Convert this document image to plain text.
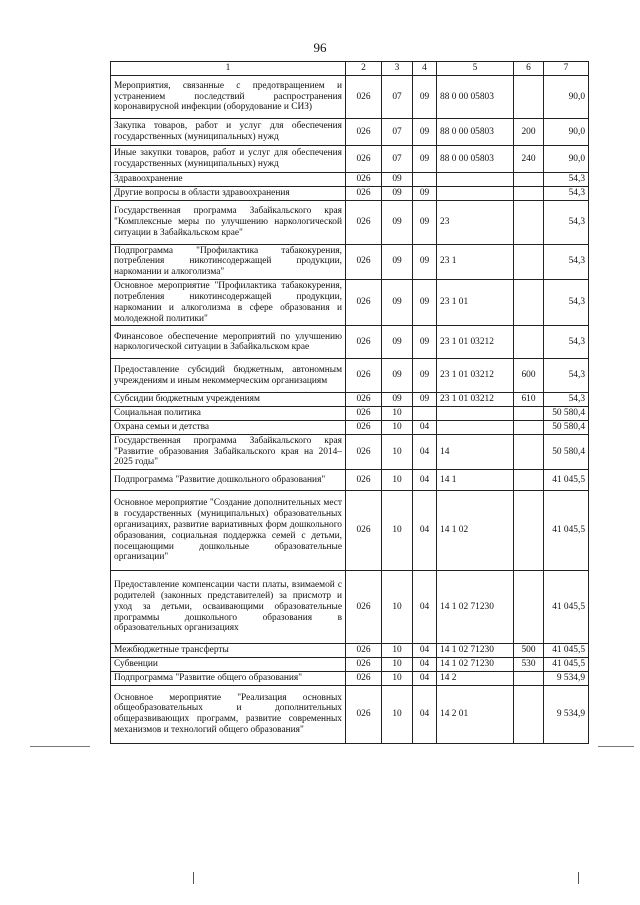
96
1	2	3	4	5	6	7
Мероприятия, связанные с предотвращением и устранением последствий распространения коронавирусной инфекции (оборудование и СИЗ)	026	07	09	88 0 00 05803		90,0
Закупка товаров, работ и услуг для обеспечения государственных (муниципальных) нужд	026	07	09	88 0 00 05803	200	90,0
Иные закупки товаров, работ и услуг для обеспечения государственных (муниципальных) нужд	026	07	09	88 0 00 05803	240	90,0
Здравоохранение	026	09				54,3
Другие вопросы в области здравоохранения	026	09	09			54,3
Государственная программа Забайкальского края "Комплексные меры по улучшению наркологической ситуации в Забайкальском крае"	026	09	09	23		54,3
Подпрограмма "Профилактика табакокурения, потребления никотинсодержащей продукции, наркомании и алкоголизма"	026	09	09	23 1		54,3
Основное мероприятие "Профилактика табакокурения, потребления никотинсодержащей продукции, наркомании и алкоголизма в сфере образования и молодежной политики"	026	09	09	23 1 01		54,3
Финансовое обеспечение мероприятий по улучшению наркологической ситуации в Забайкальском крае	026	09	09	23 1 01 03212		54,3
Предоставление субсидий бюджетным, автономным учреждениям и иным некоммерческим организациям	026	09	09	23 1 01 03212	600	54,3
Субсидии бюджетным учреждениям	026	09	09	23 1 01 03212	610	54,3
Социальная политика	026	10				50 580,4
Охрана семьи и детства	026	10	04			50 580,4
Государственная программа Забайкальского края "Развитие образования Забайкальского края на 2014–2025 годы"	026	10	04	14		50 580,4
Подпрограмма "Развитие дошкольного образования"	026	10	04	14 1		41 045,5
Основное мероприятие "Создание дополнительных мест в государственных (муниципальных) образовательных организациях, развитие вариативных форм дошкольного образования, социальная поддержка семей с детьми, посещающими дошкольные образовательные организации"	026	10	04	14 1 02		41 045,5
Предоставление компенсации части платы, взимаемой с родителей (законных представителей) за присмотр и уход за детьми, осваивающими образовательные программы дошкольного образования в образовательных организациях	026	10	04	14 1 02 71230		41 045,5
Межбюджетные трансферты	026	10	04	14 1 02 71230	500	41 045,5
Субвенции	026	10	04	14 1 02 71230	530	41 045,5
Подпрограмма "Развитие общего образования"	026	10	04	14 2		9 534,9
Основное мероприятие "Реализация основных общеобразовательных и дополнительных общеразвивающих программ, развитие современных механизмов и технологий общего образования"	026	10	04	14 2 01		9 534,9
